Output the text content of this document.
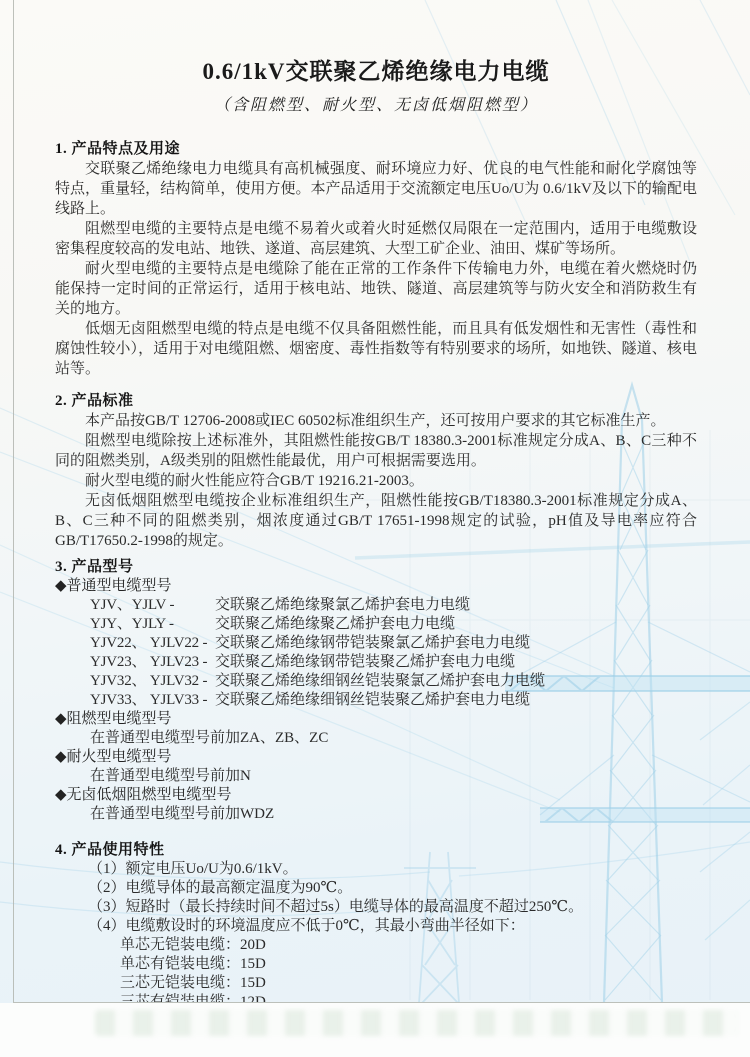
0.6/1kV交联聚乙烯绝缘电力电缆
（含阻燃型、耐火型、无卤低烟阻燃型）
1. 产品特点及用途

交联聚乙烯绝缘电力电缆具有高机械强度、耐环境应力好、优良的电气性能和耐化学腐蚀等特点，重量轻，结构简单，使用方便。本产品适用于交流额定电压Uo/U为 0.6/1kV及以下的输配电线路上。

阻燃型电缆的主要特点是电缆不易着火或着火时延燃仅局限在一定范围内，适用于电缆敷设密集程度较高的发电站、地铁、遂道、高层建筑、大型工矿企业、油田、煤矿等场所。

耐火型电缆的主要特点是电缆除了能在正常的工作条件下传输电力外，电缆在着火燃烧时仍能保持一定时间的正常运行，适用于核电站、地铁、隧道、高层建筑等与防火安全和消防救生有关的地方。

低烟无卤阻燃型电缆的特点是电缆不仅具备阻燃性能，而且具有低发烟性和无害性（毒性和腐蚀性较小），适用于对电缆阻燃、烟密度、毒性指数等有特别要求的场所，如地铁、隧道、核电站等。

2. 产品标准

本产品按GB/T 12706-2008或IEC 60502标准组织生产，还可按用户要求的其它标准生产。

阻燃型电缆除按上述标准外，其阻燃性能按GB/T 18380.3-2001标准规定分成A、B、C三种不同的阻燃类别，A级类别的阻燃性能最优，用户可根据需要选用。

耐火型电缆的耐火性能应符合GB/T 19216.21-2003。

无卤低烟阻燃型电缆按企业标准组织生产，阻燃性能按GB/T18380.3-2001标准规定分成A、B、C三种不同的阻燃类别，烟浓度通过GB/T 17651-1998规定的试验，pH值及导电率应符合GB/T17650.2-1998的规定。

3. 产品型号
◆普通型电缆型号
YJV、YJLV -	交联聚乙烯绝缘聚氯乙烯护套电力电缆
YJY、YJLY -	交联聚乙烯绝缘聚乙烯护套电力电缆
YJV22、 YJLV22 - 交联聚乙烯绝缘钢带铠装聚氯乙烯护套电力电缆
YJV23、 YJLV23 - 交联聚乙烯绝缘钢带铠装聚乙烯护套电力电缆
YJV32、 YJLV32 - 交联聚乙烯绝缘细钢丝铠装聚氯乙烯护套电力电缆
YJV33、 YJLV33 - 交联聚乙烯绝缘细钢丝铠装聚乙烯护套电力电缆
◆阻燃型电缆型号
在普通型电缆型号前加ZA、ZB、ZC
◆耐火型电缆型号
在普通型电缆型号前加N
◆无卤低烟阻燃型电缆型号
在普通型电缆型号前加WDZ
4. 产品使用特性
（1）额定电压Uo/U为0.6/1kV。
（2）电缆导体的最高额定温度为90℃。
（3）短路时（最长持续时间不超过5s）电缆导体的最高温度不超过250℃。
（4）电缆敷设时的环境温度应不低于0℃，其最小弯曲半径如下：
单芯无铠装电缆：20D
单芯有铠装电缆：15D
三芯无铠装电缆：15D
